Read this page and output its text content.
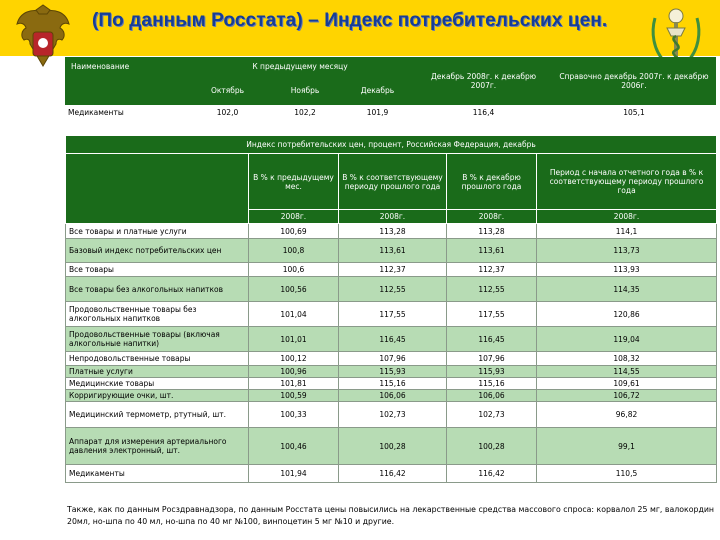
(По данным Росстата) – Индекс потребительских цен.
Наименование	К предыдущему месяцу			Декабрь 2008г. к декабрю 2007г.	Справочно декабрь 2007г. к декабрю 2006г.
	Октябрь	Ноябрь	Декабрь		
Медикаменты	102,0	102,2	101,9	116,4	105,1
Индекс потребительских цен, процент, Российская Федерация, декабрь				
	В % к предыдущему мес.	В % к соответствующему периоду прошлого года	В % к декабрю прошлого года	Период с начала отчетного года в % к соответствующему периоду прошлого года
	2008г.	2008г.	2008г.	2008г.
Все товары и платные услуги	100,69	113,28	113,28	114,1
Базовый индекс потребительских цен	100,8	113,61	113,61	113,73
Все товары	100,6	112,37	112,37	113,93
Все товары без алкогольных напитков	100,56	112,55	112,55	114,35
Продовольственные товары без алкогольных напитков	101,04	117,55	117,55	120,86
Продовольственные товары (включая алкогольные напитки)	101,01	116,45	116,45	119,04
Непродовольственные товары	100,12	107,96	107,96	108,32
Платные услуги	100,96	115,93	115,93	114,55
Медицинские товары	101,81	115,16	115,16	109,61
Корригирующие очки, шт.	100,59	106,06	106,06	106,72
Медицинский термометр, ртутный, шт.	100,33	102,73	102,73	96,82
Аппарат для измерения артериального давления электронный, шт.	100,46	100,28	100,28	99,1
Медикаменты	101,94	116,42	116,42	110,5
Также, как по данным Росздравнадзора, по данным Росстата цены повысились на лекарственные средства массового спроса: корвалол 25 мг, валокордин 20мл, но-шпа по 40 мл, но-шпа по 40 мг №100, винпоцетин 5 мг №10 и другие.
